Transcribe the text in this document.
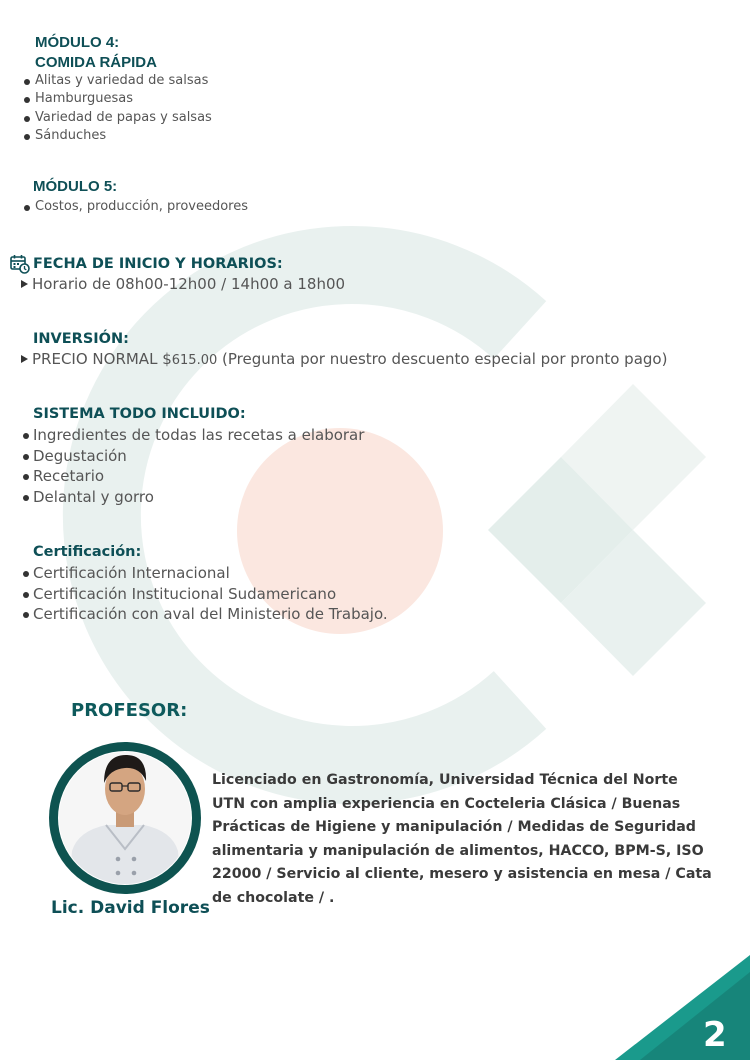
MÓDULO 4:
COMIDA RÁPIDA
Alitas y variedad de salsas
Hamburguesas
Variedad de papas y salsas
Sánduches
MÓDULO 5:
Costos, producción, proveedores
FECHA DE INICIO Y HORARIOS:
Horario de 08h00-12h00 / 14h00 a 18h00
INVERSIÓN:
PRECIO NORMAL $615.00 (Pregunta por nuestro descuento especial por pronto pago)
SISTEMA TODO INCLUIDO:
Ingredientes de todas las recetas a elaborar
Degustación
Recetario
Delantal y gorro
Certificación:
Certificación Internacional
Certificación Institucional Sudamericano
Certificación con aval del Ministerio de Trabajo.
PROFESOR:
Licenciado en Gastronomía, Universidad Técnica del Norte UTN con amplia experiencia en Cocteleria Clásica / Buenas Prácticas de Higiene y manipulación / Medidas de Seguridad alimentaria y manipulación de alimentos, HACCO, BPM-S, ISO 22000 / Servicio al cliente, mesero y asistencia en mesa / Cata de chocolate / .
Lic. David Flores
2
